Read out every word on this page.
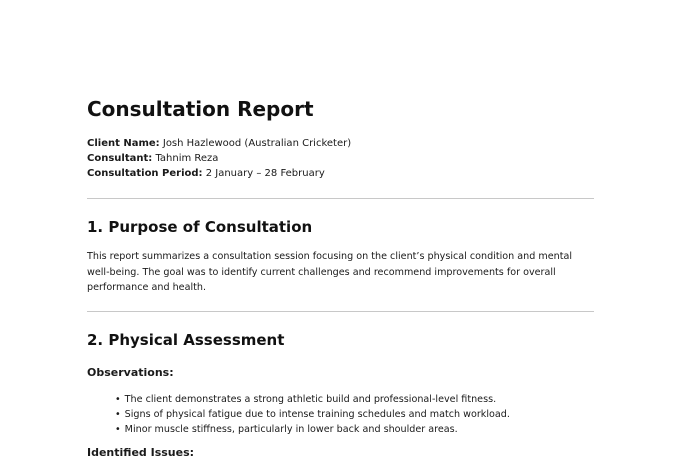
Consultation Report
Client Name: Josh Hazlewood (Australian Cricketer)
Consultant: Tahnim Reza
Consultation Period: 2 January – 28 February
1. Purpose of Consultation
This report summarizes a consultation session focusing on the client’s physical condition and mental well-being. The goal was to identify current challenges and recommend improvements for overall performance and health.
2. Physical Assessment
Observations:
• The client demonstrates a strong athletic build and professional-level fitness.
• Signs of physical fatigue due to intense training schedules and match workload.
• Minor muscle stiffness, particularly in lower back and shoulder areas.
Identified Issues:
